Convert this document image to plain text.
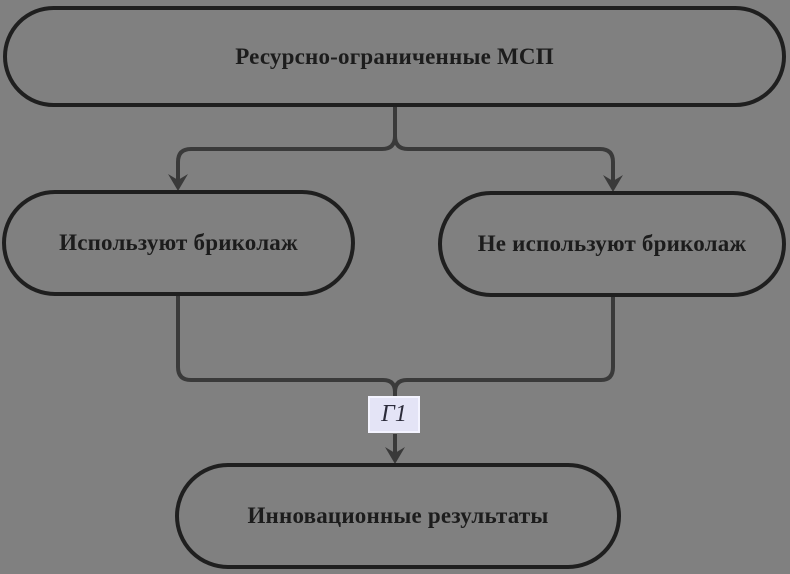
Ресурсно-ограниченные МСП
Используют бриколаж	Не используют бриколаж
Г1
Инновационные результаты
